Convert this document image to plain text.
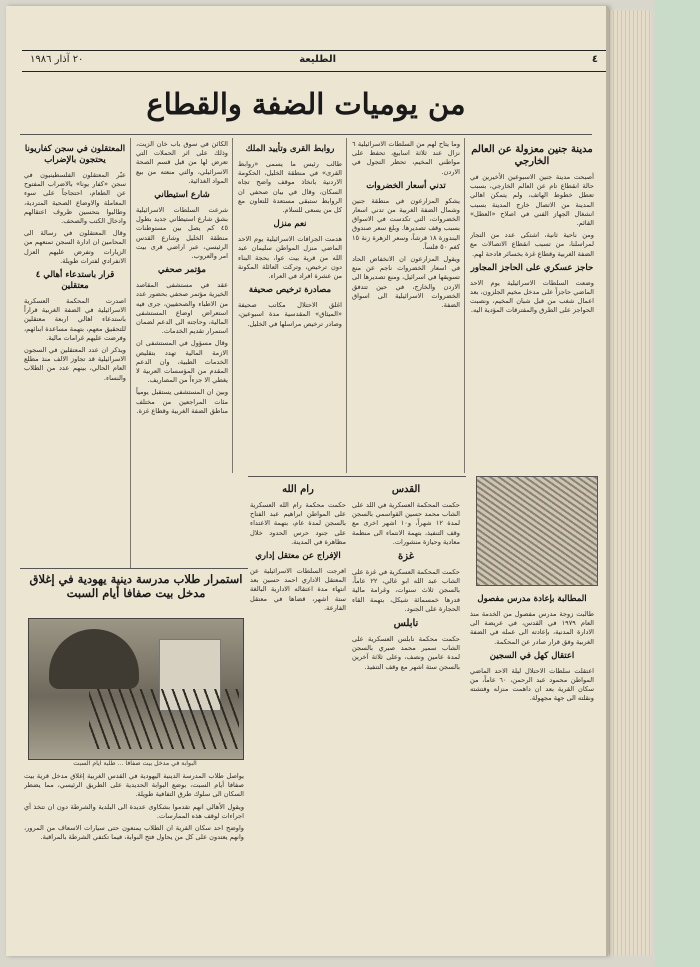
٤
الطليعة
٢٠ آذار ١٩٨٦
من يوميات الضفة والقطاع
مدينة جنين معزولة عن العالم الخارجي

أصبحت مدينة جنين الاسبوعين الأخيرين في حالة انقطاع تام عن العالم الخارجي، بسبب تعطل خطوط الهاتف، ولم يتمكن اهالي المدينة من الاتصال خارج المدينة بسبب انشغال الجهاز الفني في اصلاح «العطل» القائم.

ومن ناحية ثانية، اشتكى عدد من التجار لمراسلنا، من تسبب انقطاع الاتصالات مع الضفة الغربية وقطاع غزة بخسائر فادحة لهم.

حاجز عسكري على الحاجز المجاور

وضعت السلطات الاسرائيلية يوم الاحد الماضي حاجزاً على مدخل مخيم الجلزون، بعد اعمال شغب من قبل شبان المخيم، ونصبت الحواجز على الطرق والمفترقات المؤدية اليه.

المطالبة بإعادة مدرس مفصول

طالبت زوجة مدرس مفصول من الخدمة منذ العام ١٩٧٩ في القدس، في عريضة الى الادارة المدنية، بإعادته الى عمله في الضفة الغربية وفق قرار صادر عن المحكمة.

اعتقال كهل في السجين

اعتقلت سلطات الاحتلال ليلة الاحد الماضي المواطن محمود عبد الرحمن، ٦٠ عاماً، من سكان القرية بعد ان داهمت منزله وفتشته ونقلته الى جهة مجهولة.

وما يتاح لهم من السلطات الاسرائيلية ٦ نزال عند ثلاثة اسابيع، تحفظ على مواطني المخيم، تحظر التجول في الاردن.

تدني أسعار الخضروات

يشكو المزارعون في منطقة جنين وشمال الضفة الغربية من تدني اسعار الخضروات، التي تكدست في الاسواق بسبب وقف تصديرها. وبلغ سعر صندوق البندورة ١٨ قرشاً، وسعر الزهرة زنة ١٥ كغم ٥٠ فلساً.

ويقول المزارعون ان الانخفاض الحاد في اسعار الخضروات ناجم عن منع تسويقها في اسرائيل، ومنع تصديرها الى الاردن والخارج، في حين تتدفق الخضروات الاسرائيلية الى اسواق الضفة.

القدس

حكمت المحكمة العسكرية في اللد على الشاب محمد حسين القواسمي بالسجن لمدة ١٢ شهراً، و١٠ اشهر اخرى مع وقف التنفيذ، بتهمة الانتماء الى منظمة معادية وحيازة منشورات.

غزة

حكمت المحكمة العسكرية في غزة على الشاب عبد الله ابو غالي، ٢٢ عاماً، بالسجن ثلاث سنوات، وغرامة مالية قدرها خمسمائة شيكل، بتهمة القاء الحجارة على الجنود.

نابلس

حكمت محكمة نابلس العسكرية على الشاب سمير محمد صبري بالسجن لمدة عامين ونصف، وعلى ثلاثة آخرين بالسجن ستة اشهر مع وقف التنفيذ.

روابط القرى وتأييد الملك

طالب رئيس ما يسمى «روابط القرى» في منطقة الخليل، الحكومة الاردنية باتخاذ موقف واضح تجاه السكان، وقال في بيان صحفي ان الروابط ستبقى مستعدة للتعاون مع كل من يسعى للسلام.

نعم منزل

هدمت الجرافات الاسرائيلية يوم الاحد الماضي منزل المواطن سليمان عبد الله من قرية بيت عوا، بحجة البناء دون ترخيص، وتركت العائلة المكونة من عشرة افراد في العراء.

مصادرة ترخيص صحيفة

اغلق الاحتلال مكاتب صحيفة «الميثاق» المقدسية مدة اسبوعين، وصادر ترخيص مراسلها في الخليل.

رام الله

حكمت محكمة رام الله العسكرية على المواطن ابراهيم عبد الفتاح بالسجن لمدة عام، بتهمة الاعتداء على جنود حرس الحدود خلال مظاهرة في المدينة.

الإفراج عن معتقل إداري

افرجت السلطات الاسرائيلية عن المعتقل الاداري احمد حسين بعد انتهاء مدة اعتقاله الادارية البالغة ستة اشهر، قضاها في معتقل الفارعة.

الكائن في سوق باب خان الزيت، وذلك على اثر الحملات التي تعرض لها من قبل قسم الصحة الاسرائيلي، والتي منعته من بيع المواد الغذائية.

شارع استيطاني

شرعت السلطات الاسرائيلية بشق شارع استيطاني جديد بطول ٤٥ كم يصل بين مستوطنات منطقة الخليل وشارع القدس الرئيسي، عبر اراضي قرى بيت امر والعروب.

مؤتمر صحفي

عقد في مستشفى المقاصد الخيرية مؤتمر صحفي بحضور عدد من الاطباء والصحفيين، جرى فيه استعراض اوضاع المستشفى المالية، وحاجته الى الدعم لضمان استمرار تقديم الخدمات.

وقال مسؤول في المستشفى ان الازمة المالية تهدد بتقليص الخدمات الطبية، وان الدعم المقدم من المؤسسات العربية لا يغطي الا جزءاً من المصاريف.

وبين ان المستشفى يستقبل يومياً مئات المراجعين من مختلف مناطق الضفة الغربية وقطاع غزة.

المعتقلون في سجن كفاريونا يحتجون بالإضراب

عبّر المعتقلون الفلسطينيون في سجن «كفار يونا» بالاضراب المفتوح عن الطعام، احتجاجاً على سوء المعاملة والاوضاع الصحية المتردية، وطالبوا بتحسين ظروف اعتقالهم وادخال الكتب والصحف.

وقال المعتقلون في رسالة الى المحامين ان ادارة السجن تمنعهم من الزيارات وتفرض عليهم العزل الانفرادي لفترات طويلة.

قرار باستدعاء أهالي ٤ معتقلين

اصدرت المحكمة العسكرية الاسرائيلية في الضفة الغربية قراراً باستدعاء اهالي اربعة معتقلين للتحقيق معهم، بتهمة مساعدة ابنائهم، وفرضت عليهم غرامات مالية.

ويذكر ان عدد المعتقلين في السجون الاسرائيلية قد تجاوز الالف منذ مطلع العام الحالي، بينهم عدد من الطلاب والنساء.

استمرار طلاب مدرسة دينية يهودية في إغلاق مدخل بيت صفافا أيام السبت
البوابة في مدخل بيت صفافا ... طلبة ايام السبت

يواصل طلاب المدرسة الدينية اليهودية في القدس الغربية إغلاق مدخل قرية بيت صفافا أيام السبت، بوضع البوابة الحديدية على الطريق الرئيسي، مما يضطر السكان الى سلوك طرق التفافية طويلة.

ويقول الأهالي انهم تقدموا بشكاوى عديدة الى البلدية والشرطة دون ان تتخذ أي اجراءات لوقف هذه الممارسات.

واوضح احد سكان القرية ان الطلاب يمنعون حتى سيارات الاسعاف من المرور، وانهم يعتدون على كل من يحاول فتح البوابة، فيما تكتفي الشرطة بالمراقبة.
